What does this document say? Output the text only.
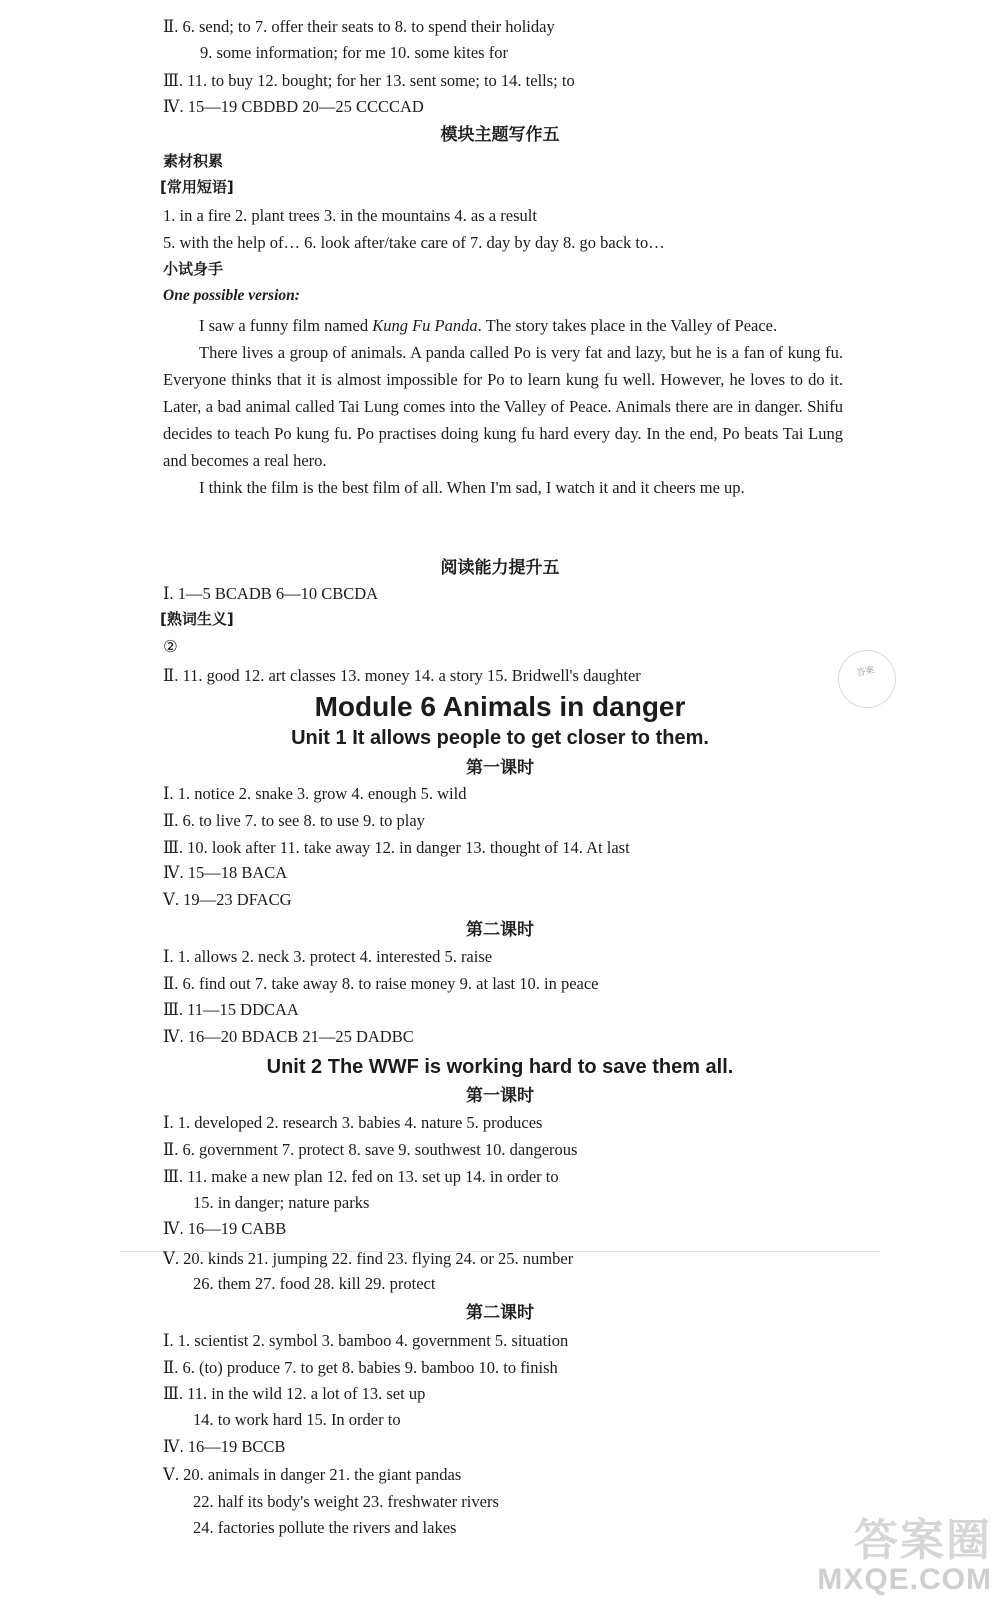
Ⅱ. 6. send; to 7. offer their seats to 8. to spend their holiday
9. some information; for me 10. some kites for
Ⅲ. 11. to buy 12. bought; for her 13. sent some; to 14. tells; to
Ⅳ. 15—19 CBDBD 20—25 CCCCAD
模块主题写作五
素材积累
[常用短语]
1. in a fire 2. plant trees 3. in the mountains 4. as a result
5. with the help of… 6. look after/take care of 7. day by day 8. go back to…
小试身手
One possible version:

I saw a funny film named Kung Fu Panda. The story takes place in the Valley of Peace.

There lives a group of animals. A panda called Po is very fat and lazy, but he is a fan of kung fu. Everyone thinks that it is almost impossible for Po to learn kung fu well. However, he loves to do it. Later, a bad animal called Tai Lung comes into the Valley of Peace. Animals there are in danger. Shifu decides to teach Po kung fu. Po practises doing kung fu hard every day. In the end, Po beats Tai Lung and becomes a real hero.

I think the film is the best film of all. When I'm sad, I watch it and it cheers me up.

阅读能力提升五
Ⅰ. 1—5 BCADB 6—10 CBCDA
[熟词生义]
②
Ⅱ. 11. good 12. art classes 13. money 14. a story 15. Bridwell's daughter	答案
Module 6 Animals in danger
Unit 1 It allows people to get closer to them.
第一课时
Ⅰ. 1. notice 2. snake 3. grow 4. enough 5. wild
Ⅱ. 6. to live 7. to see 8. to use 9. to play
Ⅲ. 10. look after 11. take away 12. in danger 13. thought of 14. At last
Ⅳ. 15—18 BACA
Ⅴ. 19—23 DFACG
第二课时
Ⅰ. 1. allows 2. neck 3. protect 4. interested 5. raise
Ⅱ. 6. find out 7. take away 8. to raise money 9. at last 10. in peace
Ⅲ. 11—15 DDCAA
Ⅳ. 16—20 BDACB 21—25 DADBC
Unit 2 The WWF is working hard to save them all.
第一课时
Ⅰ. 1. developed 2. research 3. babies 4. nature 5. produces
Ⅱ. 6. government 7. protect 8. save 9. southwest 10. dangerous
Ⅲ. 11. make a new plan 12. fed on 13. set up 14. in order to
15. in danger; nature parks
Ⅳ. 16—19 CABB
Ⅴ. 20. kinds 21. jumping 22. find 23. flying 24. or 25. number
26. them 27. food 28. kill 29. protect
第二课时
Ⅰ. 1. scientist 2. symbol 3. bamboo 4. government 5. situation
Ⅱ. 6. (to) produce 7. to get 8. babies 9. bamboo 10. to finish
Ⅲ. 11. in the wild 12. a lot of 13. set up
14. to work hard 15. In order to
Ⅳ. 16—19 BCCB
Ⅴ. 20. animals in danger 21. the giant pandas
22. half its body's weight 23. freshwater rivers
24. factories pollute the rivers and lakes	答案圈
MXQE.COM
